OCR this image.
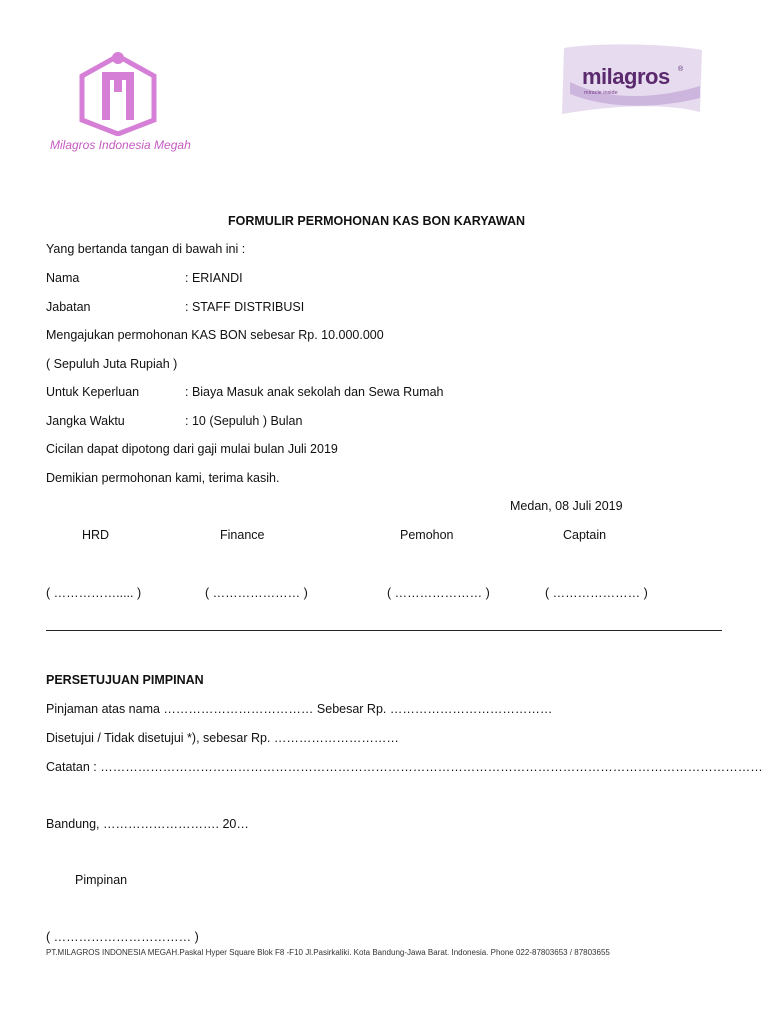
Milagros Indonesia Megah
milagros ®
miracle inside
FORMULIR PERMOHONAN KAS BON KARYAWAN
Yang bertanda tangan di bawah ini :
Nama	: ERIANDI
Jabatan	: STAFF DISTRIBUSI
Mengajukan permohonan KAS BON sebesar Rp. 10.000.000
( Sepuluh Juta Rupiah )
Untuk Keperluan	: Biaya Masuk anak sekolah dan Sewa Rumah
Jangka Waktu	: 10 (Sepuluh ) Bulan
Cicilan dapat dipotong dari gaji mulai bulan Juli 2019
Demikian permohonan kami, terima kasih.
Medan, 08 Juli 2019
HRD	Finance	Pemohon	Captain
( ……………..... )	( ………………… )	( ………………… )	( ………………… )
PERSETUJUAN PIMPINAN
Pinjaman atas nama ……………………………… Sebesar Rp. …………………………………
Disetujui / Tidak disetujui *), sebesar Rp. …………………………
Catatan : ……………………………………………………………………………………………………………………………………………
Bandung, ………………………. 20…
Pimpinan
( …………………………… )
PT.MILAGROS INDONESIA MEGAH.Paskal Hyper Square Blok F8 -F10 Jl.Pasirkaliki. Kota Bandung-Jawa Barat. Indonesia. Phone 022-87803653 / 87803655
